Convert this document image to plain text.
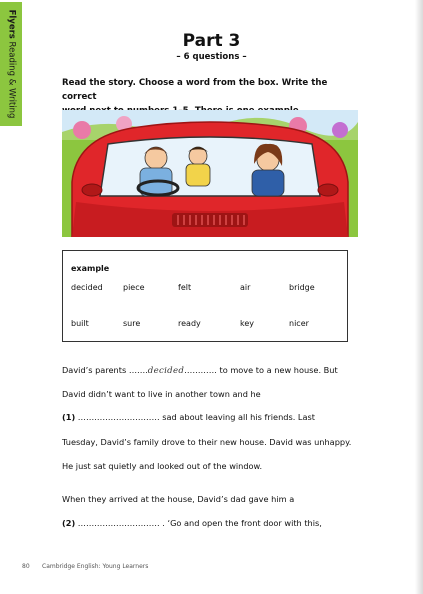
Flyers Reading & Writing	Part 3
– 6 questions –
Read the story. Choose a word from the box. Write the correct
example
decided	piece	felt	air	bridge
built	sure	ready	key	nicer
David’s parents …….decided………… to move to a new house. But
David didn’t want to live in another town and he
(1) ………………………… sad about leaving all his friends. Last
Tuesday, David’s family drove to their new house. David was unhappy.
He just sat quietly and looked out of the window.
When they arrived at the house, David’s dad gave him a
(2) ………………………… . ‘Go and open the front door with this,
80 Cambridge English: Young Learners
